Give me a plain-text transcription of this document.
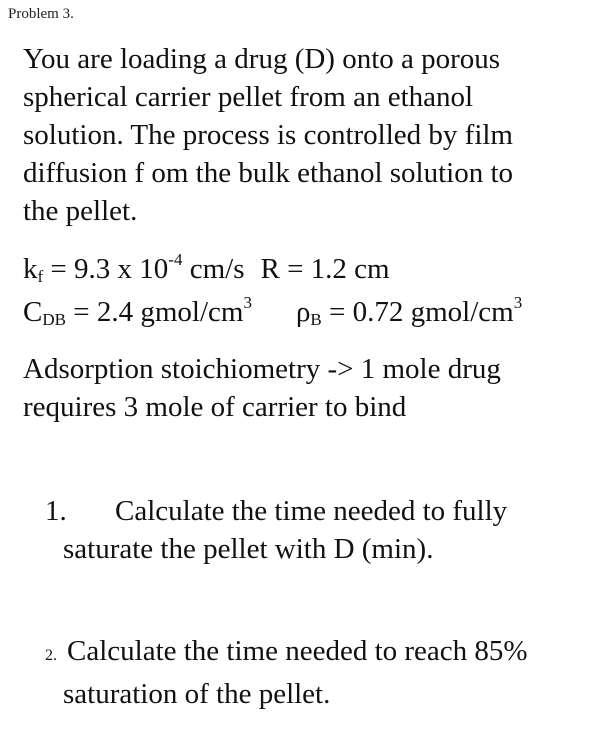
Problem 3.
You are loading a drug (D) onto a porous
spherical carrier pellet from an ethanol
solution. The process is controlled by film
diffusion f om the bulk ethanol solution to
the pellet.
$k_f = 9.3$ x $10^{-4}$ cm/s R = 1.2 cm
$C_{DB} = 2.4$ gmol/$cm^3$ $\rho_B = 0.72$ gmol/$cm^3$
Adsorption stoichiometry -> 1 mole drug
requires 3 mole of carrier to bind
1. Calculate the time needed to fully
saturate the pellet with D (min).
2. Calculate the time needed to reach 85%
saturation of the pellet.
